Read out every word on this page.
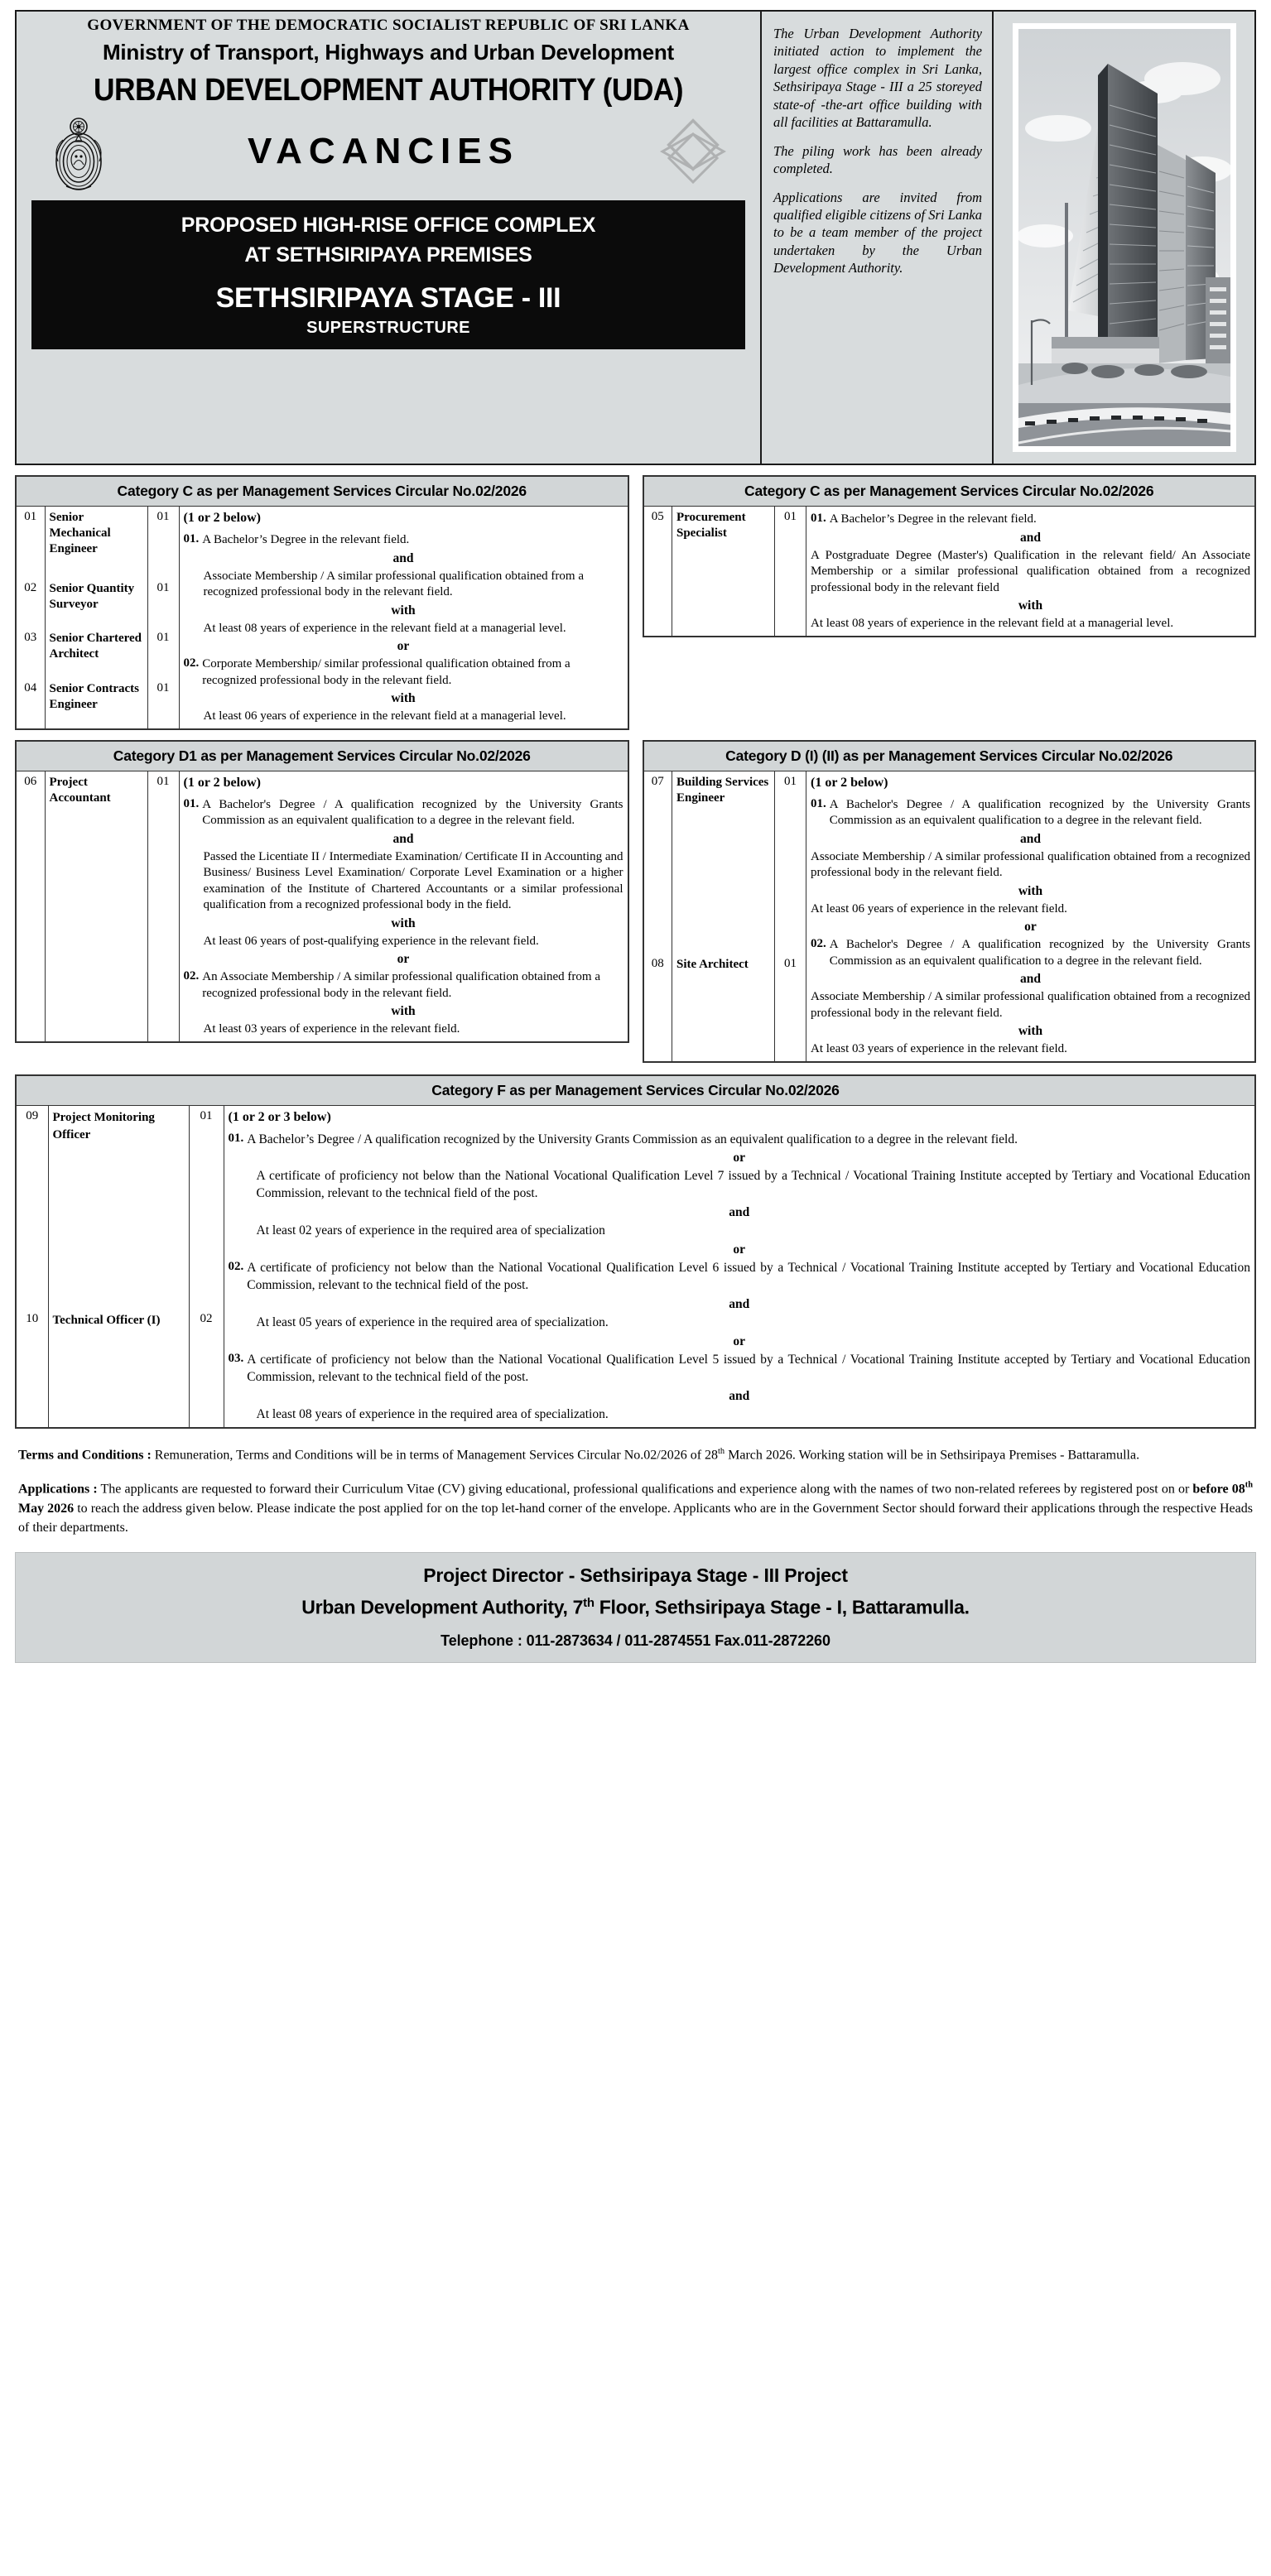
GOVERNMENT OF THE DEMOCRATIC SOCIALIST REPUBLIC OF SRI LANKA
Ministry of Transport, Highways and Urban Development
URBAN DEVELOPMENT AUTHORITY (UDA)
VACANCIES
PROPOSED HIGH-RISE OFFICE COMPLEX
AT SETHSIRIPAYA PREMISES
SETHSIRIPAYA STAGE - III
SUPERSTRUCTURE

The Urban Development Authority initiated action to implement the largest office complex in Sri Lanka, Sethsiripaya Stage - III a 25 storeyed state-of -the-art office building with all facilities at Battaramulla.

The piling work has been already completed.

Applications are invited from qualified eligible citizens of Sri Lanka to be a team member of the project undertaken by the Urban Development Authority.

Category C as per Management Services Circular No.02/2026
01	Senior Mechanical Engineer	01	(1 or 2 below)
01. A Bachelor’s Degree in the relevant field.
and
Associate Membership / A similar professional qualification obtained from a recognized professional body in the relevant field.
with
At least 08 years of experience in the relevant field at a managerial level.
or
02. Corporate Membership/ similar professional qualification obtained from a recognized professional body in the relevant field.
with
At least 06 years of experience in the relevant field at a managerial level.

02	Senior Quantity Surveyor	01	
03	Senior Chartered Architect	01	
04	Senior Contracts Engineer	01	
Category C as per Management Services Circular No.02/2026
05	Procurement Specialist	01	01. A Bachelor’s Degree in the relevant field.
and
A Postgraduate Degree (Master's) Qualification in the relevant field/ An Associate Membership or a similar professional qualification obtained from a recognized professional body in the relevant field
with
At least 08 years of experience in the relevant field at a managerial level.
Category D1 as per Management Services Circular No.02/2026
06	Project Accountant	01	(1 or 2 below)
01. A Bachelor's Degree / A qualification recognized by the University Grants Commission as an equivalent qualification to a degree in the relevant field.
and
Passed the Licentiate II / Intermediate Examination/ Certificate II in Accounting and Business/ Business Level Examination/ Corporate Level Examination or a higher examination of the Institute of Chartered Accountants or a similar professional qualification from a recognized professional body in the field.
with
At least 06 years of post-qualifying experience in the relevant field.
or
02. An Associate Membership / A similar professional qualification obtained from a recognized professional body in the relevant field.
with
At least 03 years of experience in the relevant field.
Category D (I) (II) as per Management Services Circular No.02/2026
07	Building Services Engineer	01	(1 or 2 below)
01. A Bachelor's Degree / A qualification recognized by the University Grants Commission as an equivalent qualification to a degree in the relevant field.
and
Associate Membership / A similar professional qualification obtained from a recognized professional body in the relevant field.
with
At least 06 years of experience in the relevant field.
or
02. A Bachelor's Degree / A qualification recognized by the University Grants Commission as an equivalent qualification to a degree in the relevant field.
and
Associate Membership / A similar professional qualification obtained from a recognized professional body in the relevant field.
with
At least 03 years of experience in the relevant field.

08	Site Architect	01	
Category F as per Management Services Circular No.02/2026
09	Project Monitoring Officer	01	(1 or 2 or 3 below)
01. A Bachelor’s Degree / A qualification recognized by the University Grants Commission as an equivalent qualification to a degree in the relevant field.
or
A certificate of proficiency not below than the National Vocational Qualification Level 7 issued by a Technical / Vocational Training Institute accepted by Tertiary and Vocational Education Commission, relevant to the technical field of the post.
and
At least 02 years of experience in the required area of specialization
or
02. A certificate of proficiency not below than the National Vocational Qualification Level 6 issued by a Technical / Vocational Training Institute accepted by Tertiary and Vocational Education Commission, relevant to the technical field of the post.
and
At least 05 years of experience in the required area of specialization.
or
03. A certificate of proficiency not below than the National Vocational Qualification Level 5 issued by a Technical / Vocational Training Institute accepted by Tertiary and Vocational Education Commission, relevant to the technical field of the post.
and
At least 08 years of experience in the required area of specialization.

10	Technical Officer (I)	02	

Terms and Conditions : Remuneration, Terms and Conditions will be in terms of Management Services Circular No.02/2026 of 28th March 2026. Working station will be in Sethsiripaya Premises - Battaramulla.

Applications : The applicants are requested to forward their Curriculum Vitae (CV) giving educational, professional qualifications and experience along with the names of two non-related referees by registered post on or before 08th May 2026 to reach the address given below. Please indicate the post applied for on the top let-hand corner of the envelope. Applicants who are in the Government Sector should forward their applications through the respective Heads of their departments.

Project Director - Sethsiripaya Stage - III Project
Urban Development Authority, 7th Floor, Sethsiripaya Stage - I, Battaramulla.
Telephone : 011-2873634 / 011-2874551 Fax.011-2872260
